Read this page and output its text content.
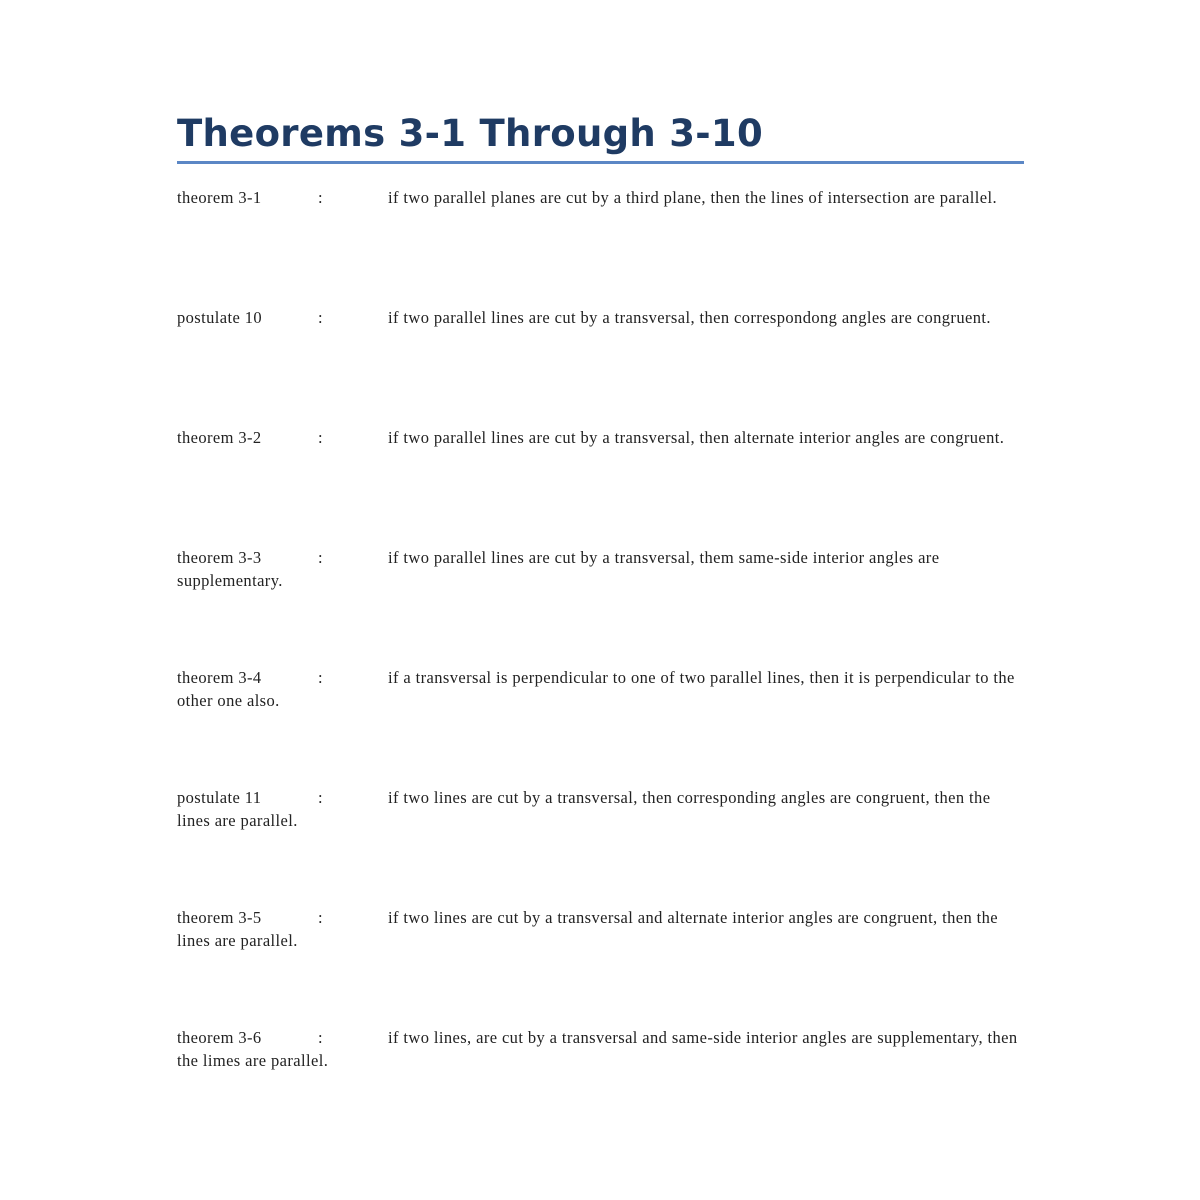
Theorems 3-1 Through 3-10
theorem 3-1	:	if two parallel planes are cut by a third plane, then the lines of intersection are parallel.
postulate 10	:	if two parallel lines are cut by a transversal, then correspondong angles are congruent.
theorem 3-2	:	if two parallel lines are cut by a transversal, then alternate interior angles are congruent.
theorem 3-3	:	if two parallel lines are cut by a transversal, them same-side interior angles are supplementary.
theorem 3-4	:	if a transversal is perpendicular to one of two parallel lines, then it is perpendicular to the other one also.
postulate 11	:	if two lines are cut by a transversal, then corresponding angles are congruent, then the lines are parallel.
theorem 3-5	:	if two lines are cut by a transversal and alternate interior angles are congruent, then the lines are parallel.
theorem 3-6	:	if two lines, are cut by a transversal and same-side interior angles are supplementary, then the limes are parallel.
